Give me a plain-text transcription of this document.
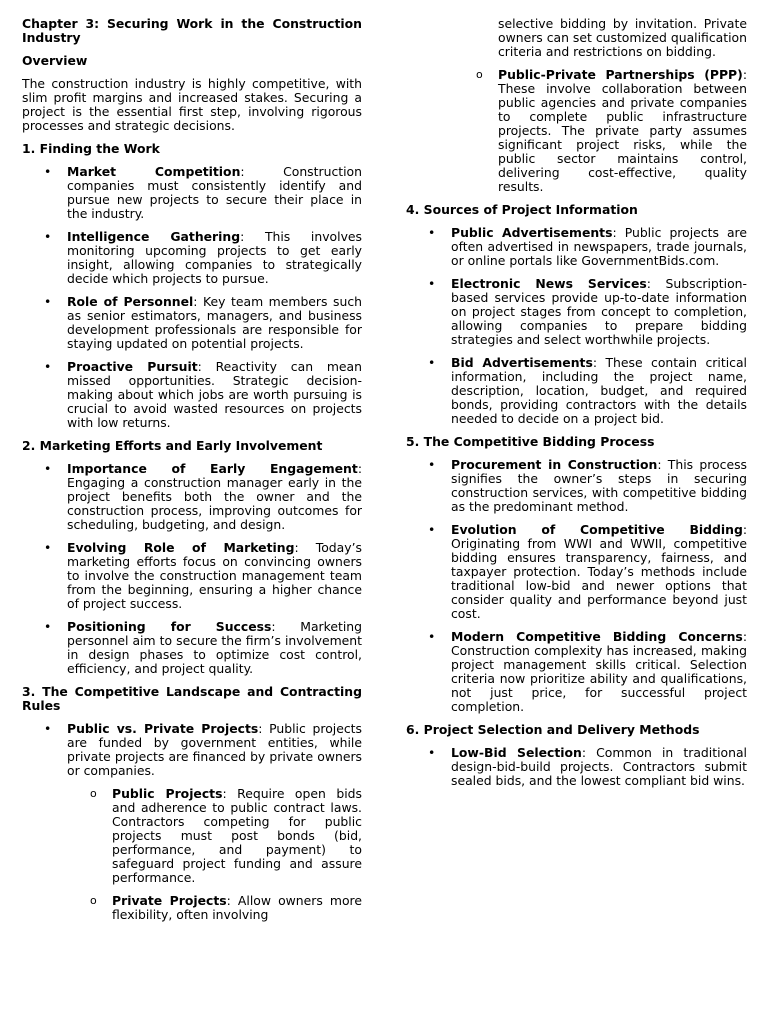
Chapter 3: Securing Work in the Construction Industry

Overview

The construction industry is highly competitive, with slim profit margins and increased stakes. Securing a project is the essential first step, involving rigorous processes and strategic decisions.

1. Finding the Work

• Market Competition: Construction companies must consistently identify and pursue new projects to secure their place in the industry.

• Intelligence Gathering: This involves monitoring upcoming projects to get early insight, allowing companies to strategically decide which projects to pursue.

• Role of Personnel: Key team members such as senior estimators, managers, and business development professionals are responsible for staying updated on potential projects.

• Proactive Pursuit: Reactivity can mean missed opportunities. Strategic decision-making about which jobs are worth pursuing is crucial to avoid wasted resources on projects with low returns.

2. Marketing Efforts and Early Involvement

• Importance of Early Engagement: Engaging a construction manager early in the project benefits both the owner and the construction process, improving outcomes for scheduling, budgeting, and design.

• Evolving Role of Marketing: Today’s marketing efforts focus on convincing owners to involve the construction management team from the beginning, ensuring a higher chance of project success.

• Positioning for Success: Marketing personnel aim to secure the firm’s involvement in design phases to optimize cost control, efficiency, and project quality.

3. The Competitive Landscape and Contracting Rules

• Public vs. Private Projects: Public projects are funded by government entities, while private projects are financed by private owners or companies.

o Public Projects: Require open bids and adherence to public contract laws. Contractors competing for public projects must post bonds (bid, performance, and payment) to safeguard project funding and assure performance.

o Private Projects: Allow owners more flexibility, often involving

selective bidding by invitation. Private owners can set customized qualification criteria and restrictions on bidding.

o Public-Private Partnerships (PPP): These involve collaboration between public agencies and private companies to complete public infrastructure projects. The private party assumes significant project risks, while the public sector maintains control, delivering cost-effective, quality results.

4. Sources of Project Information

• Public Advertisements: Public projects are often advertised in newspapers, trade journals, or online portals like GovernmentBids.com.

• Electronic News Services: Subscription-based services provide up-to-date information on project stages from concept to completion, allowing companies to prepare bidding strategies and select worthwhile projects.

• Bid Advertisements: These contain critical information, including the project name, description, location, budget, and required bonds, providing contractors with the details needed to decide on a project bid.

5. The Competitive Bidding Process

• Procurement in Construction: This process signifies the owner’s steps in securing construction services, with competitive bidding as the predominant method.

• Evolution of Competitive Bidding: Originating from WWI and WWII, competitive bidding ensures transparency, fairness, and taxpayer protection. Today’s methods include traditional low-bid and newer options that consider quality and performance beyond just cost.

• Modern Competitive Bidding Concerns: Construction complexity has increased, making project management skills critical. Selection criteria now prioritize ability and qualifications, not just price, for successful project completion.

6. Project Selection and Delivery Methods

• Low-Bid Selection: Common in traditional design-bid-build projects. Contractors submit sealed bids, and the lowest compliant bid wins.
